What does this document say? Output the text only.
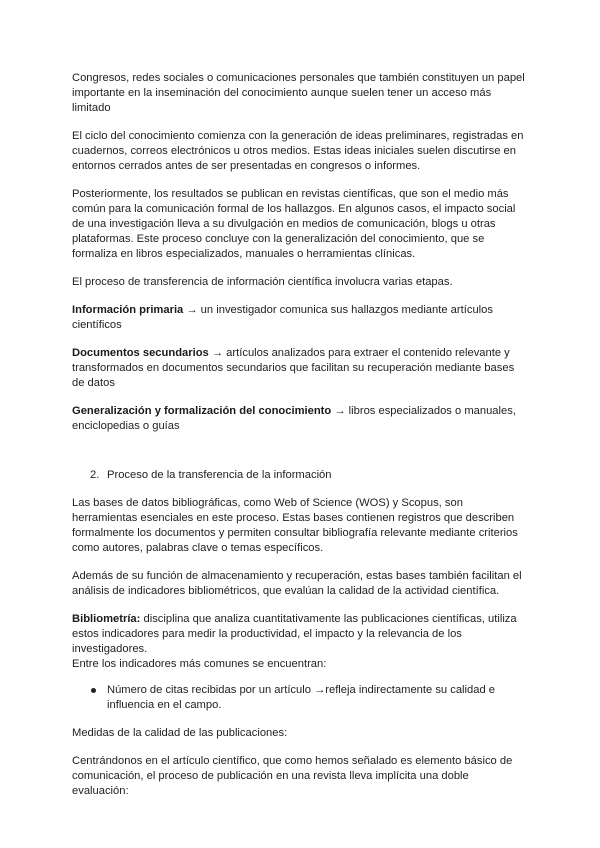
Congresos, redes sociales o comunicaciones personales que también constituyen un papel importante en la inseminación del conocimiento aunque suelen tener un acceso más limitado

El ciclo del conocimiento comienza con la generación de ideas preliminares, registradas en cuadernos, correos electrónicos u otros medios. Estas ideas iniciales suelen discutirse en entornos cerrados antes de ser presentadas en congresos o informes.

Posteriormente, los resultados se publican en revistas científicas, que son el medio más común para la comunicación formal de los hallazgos. En algunos casos, el impacto social de una investigación lleva a su divulgación en medios de comunicación, blogs u otras plataformas. Este proceso concluye con la generalización del conocimiento, que se formaliza en libros especializados, manuales o herramientas clínicas.

El proceso de transferencia de información científica involucra varias etapas.

Información primaria → un investigador comunica sus hallazgos mediante artículos científicos

Documentos secundarios → artículos analizados para extraer el contenido relevante y transformados en documentos secundarios que facilitan su recuperación mediante bases de datos

Generalización y formalización del conocimiento → libros especializados o manuales, enciclopedias o guías

2. Proceso de la transferencia de la información

Las bases de datos bibliográficas, como Web of Science (WOS) y Scopus, son herramientas esenciales en este proceso. Estas bases contienen registros que describen formalmente los documentos y permiten consultar bibliografía relevante mediante criterios como autores, palabras clave o temas específicos.

Además de su función de almacenamiento y recuperación, estas bases también facilitan el análisis de indicadores bibliométricos, que evalúan la calidad de la actividad científica.

Bibliometría: disciplina que analiza cuantitativamente las publicaciones científicas, utiliza estos indicadores para medir la productividad, el impacto y la relevancia de los investigadores.

Entre los indicadores más comunes se encuentran:

Número de citas recibidas por un artículo →refleja indirectamente su calidad e influencia en el campo.

Medidas de la calidad de las publicaciones:

Centrándonos en el artículo científico, que como hemos señalado es elemento básico de comunicación, el proceso de publicación en una revista lleva implícita una doble evaluación:
